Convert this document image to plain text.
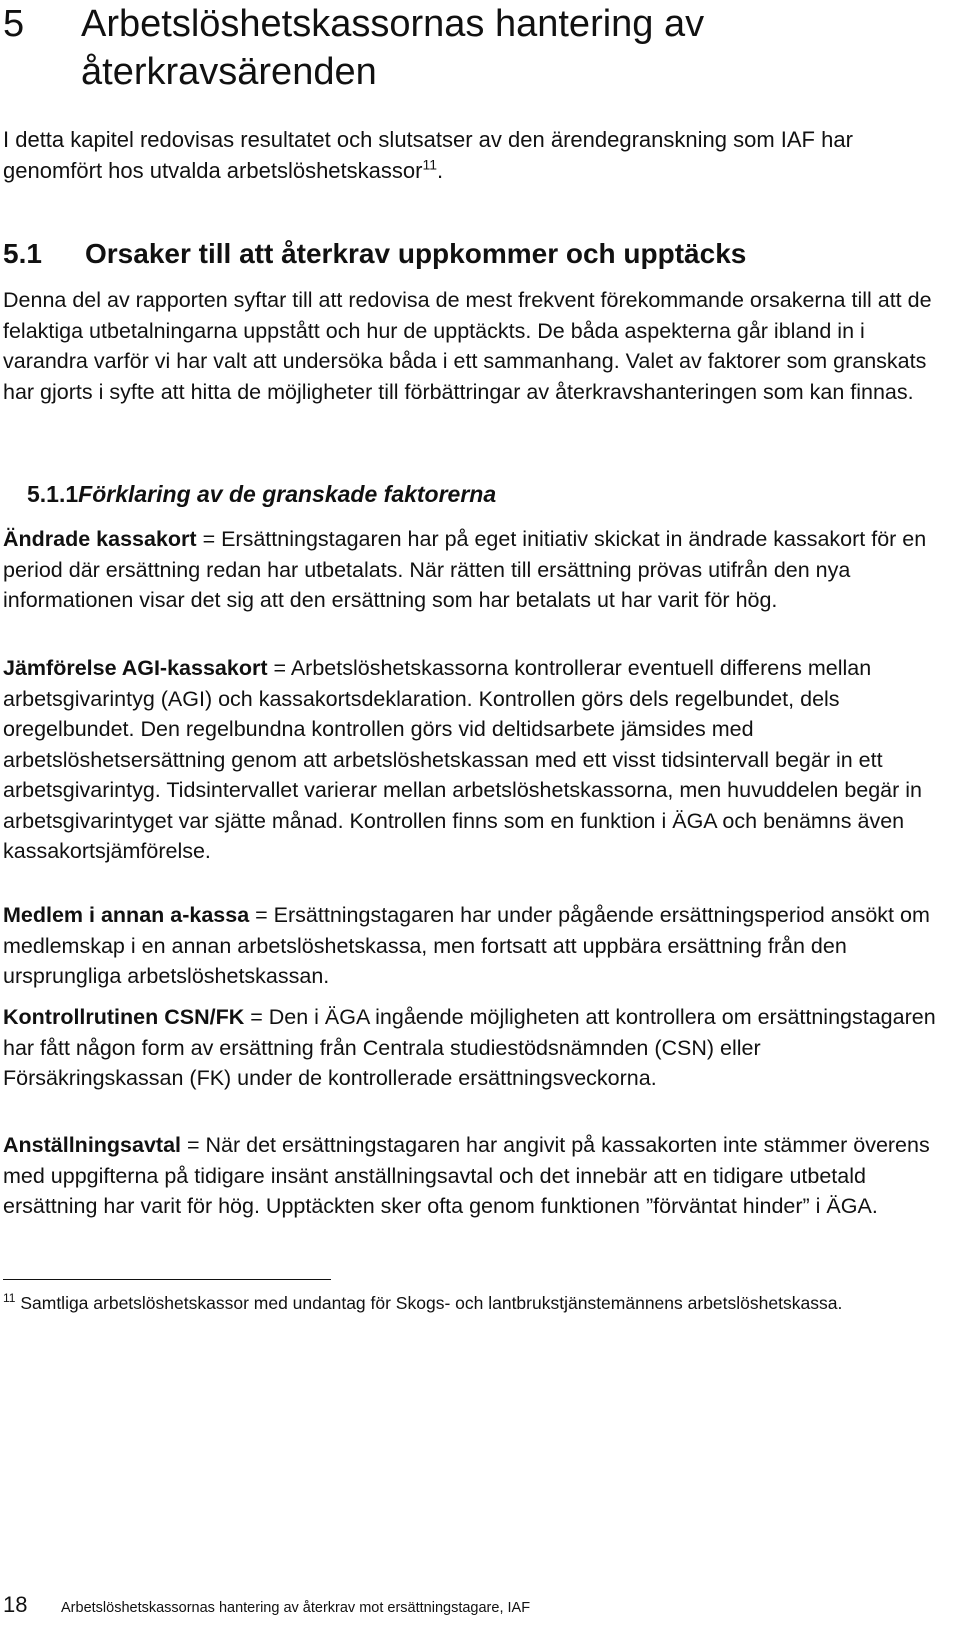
5 Arbetslöshetskassornas hantering av
återkravsärenden

I detta kapitel redovisas resultatet och slutsatser av den ärendegranskning som IAF har genomfört hos utvalda arbetslöshetskassor$^{11}$.

5.1 Orsaker till att återkrav uppkommer och upptäcks

Denna del av rapporten syftar till att redovisa de mest frekvent förekommande orsakerna till att de felaktiga utbetalningarna uppstått och hur de upptäckts. De båda aspekterna går ibland in i varandra varför vi har valt att undersöka båda i ett sammanhang. Valet av faktorer som granskats har gjorts i syfte att hitta de möjligheter till förbättringar av återkravshanteringen som kan finnas.

5.1.1Förklaring av de granskade faktorerna

Ändrade kassakort = Ersättningstagaren har på eget initiativ skickat in ändrade kassakort för en period där ersättning redan har utbetalats. När rätten till ersättning prövas utifrån den nya informationen visar det sig att den ersättning som har betalats ut har varit för hög.

Jämförelse AGI-kassakort = Arbetslöshetskassorna kontrollerar eventuell differens mellan arbetsgivarintyg (AGI) och kassakortsdeklaration. Kontrollen görs dels regelbundet, dels oregelbundet. Den regelbundna kontrollen görs vid deltidsarbete jämsides med arbetslöshetsersättning genom att arbetslöshetskassan med ett visst tidsintervall begär in ett arbetsgivarintyg. Tidsintervallet varierar mellan arbetslöshetskassorna, men huvuddelen begär in arbetsgivarintyget var sjätte månad. Kontrollen finns som en funktion i ÄGA och benämns även kassakortsjämförelse.

Medlem i annan a-kassa = Ersättningstagaren har under pågående ersättningsperiod ansökt om medlemskap i en annan arbetslöshetskassa, men fortsatt att uppbära ersättning från den ursprungliga arbetslöshetskassan.

Kontrollrutinen CSN/FK = Den i ÄGA ingående möjligheten att kontrollera om ersättningstagaren har fått någon form av ersättning från Centrala studiestödsnämnden (CSN) eller Försäkringskassan (FK) under de kontrollerade ersättningsveckorna.

Anställningsavtal = När det ersättningstagaren har angivit på kassakorten inte stämmer överens med uppgifterna på tidigare insänt anställningsavtal och det innebär att en tidigare utbetald ersättning har varit för hög. Upptäckten sker ofta genom funktionen ”förväntat hinder” i ÄGA.

$^{11}$ Samtliga arbetslöshetskassor med undantag för Skogs- och lantbrukstjänstemännens arbetslöshetskassa.

18 Arbetslöshetskassornas hantering av återkrav mot ersättningstagare, IAF
